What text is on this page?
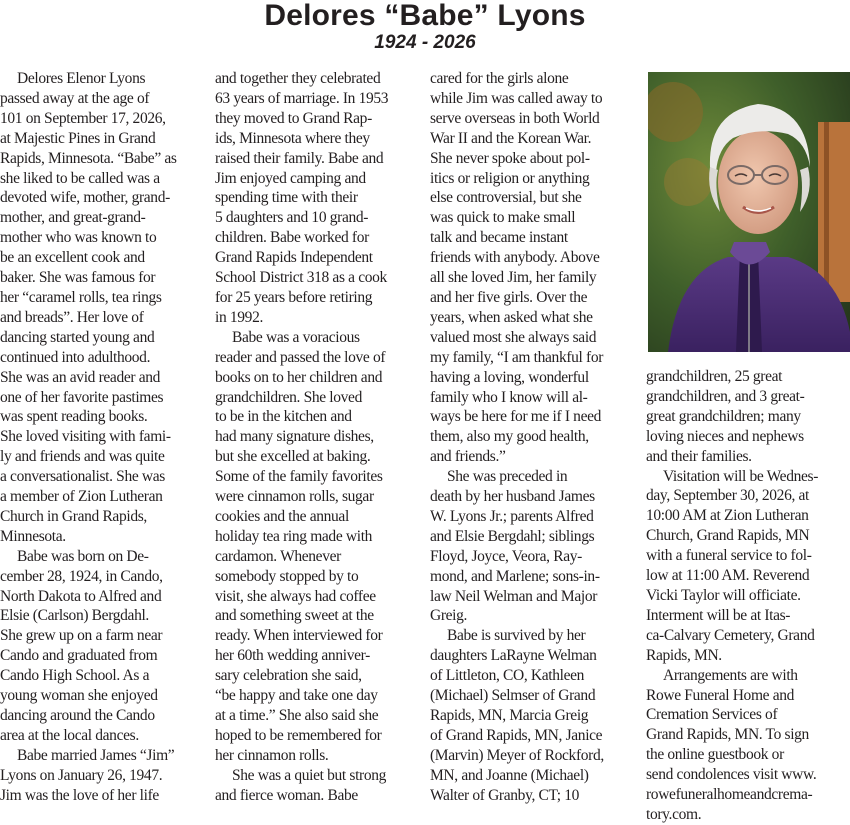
Delores “Babe” Lyons
1924 - 2026

Delores Elenor Lyons
passed away at the age of
101 on September 17, 2026,
at Majestic Pines in Grand
Rapids, Minnesota. “Babe” as
she liked to be called was a
devoted wife, mother, grand-
mother, and great-grand-
mother who was known to
be an excellent cook and
baker. She was famous for
her “caramel rolls, tea rings
and breads”. Her love of
dancing started young and
continued into adulthood.
She was an avid reader and
one of her favorite pastimes
was spent reading books.
She loved visiting with fami-
ly and friends and was quite
a conversationalist. She was
a member of Zion Lutheran
Church in Grand Rapids,
Minnesota.

Babe was born on De-
cember 28, 1924, in Cando,
North Dakota to Alfred and
Elsie (Carlson) Bergdahl.
She grew up on a farm near
Cando and graduated from
Cando High School. As a
young woman she enjoyed
dancing around the Cando
area at the local dances.

Babe married James “Jim”
Lyons on January 26, 1947.
Jim was the love of her life

and together they celebrated
63 years of marriage. In 1953
they moved to Grand Rap-
ids, Minnesota where they
raised their family. Babe and
Jim enjoyed camping and
spending time with their
5 daughters and 10 grand-
children. Babe worked for
Grand Rapids Independent
School District 318 as a cook
for 25 years before retiring
in 1992.

Babe was a voracious
reader and passed the love of
books on to her children and
grandchildren. She loved
to be in the kitchen and
had many signature dishes,
but she excelled at baking.
Some of the family favorites
were cinnamon rolls, sugar
cookies and the annual
holiday tea ring made with
cardamon. Whenever
somebody stopped by to
visit, she always had coffee
and something sweet at the
ready. When interviewed for
her 60th wedding anniver-
sary celebration she said,
“be happy and take one day
at a time.” She also said she
hoped to be remembered for
her cinnamon rolls.

She was a quiet but strong
and fierce woman. Babe

cared for the girls alone
while Jim was called away to
serve overseas in both World
War II and the Korean War.
She never spoke about pol-
itics or religion or anything
else controversial, but she
was quick to make small
talk and became instant
friends with anybody. Above
all she loved Jim, her family
and her five girls. Over the
years, when asked what she
valued most she always said
my family, “I am thankful for
having a loving, wonderful
family who I know will al-
ways be here for me if I need
them, also my good health,
and friends.”

She was preceded in
death by her husband James
W. Lyons Jr.; parents Alfred
and Elsie Bergdahl; siblings
Floyd, Joyce, Veora, Ray-
mond, and Marlene; sons-in-
law Neil Welman and Major
Greig.

Babe is survived by her
daughters LaRayne Welman
of Littleton, CO, Kathleen
(Michael) Selmser of Grand
Rapids, MN, Marcia Greig
of Grand Rapids, MN, Janice
(Marvin) Meyer of Rockford,
MN, and Joanne (Michael)
Walter of Granby, CT; 10

grandchildren, 25 great
grandchildren, and 3 great-
great grandchildren; many
loving nieces and nephews
and their families.

Visitation will be Wednes-
day, September 30, 2026, at
10:00 AM at Zion Lutheran
Church, Grand Rapids, MN
with a funeral service to fol-
low at 11:00 AM. Reverend
Vicki Taylor will officiate.
Interment will be at Itas-
ca-Calvary Cemetery, Grand
Rapids, MN.

Arrangements are with
Rowe Funeral Home and
Cremation Services of
Grand Rapids, MN. To sign
the online guestbook or
send condolences visit www.
rowefuneralhomeandcrema-
tory.com.
